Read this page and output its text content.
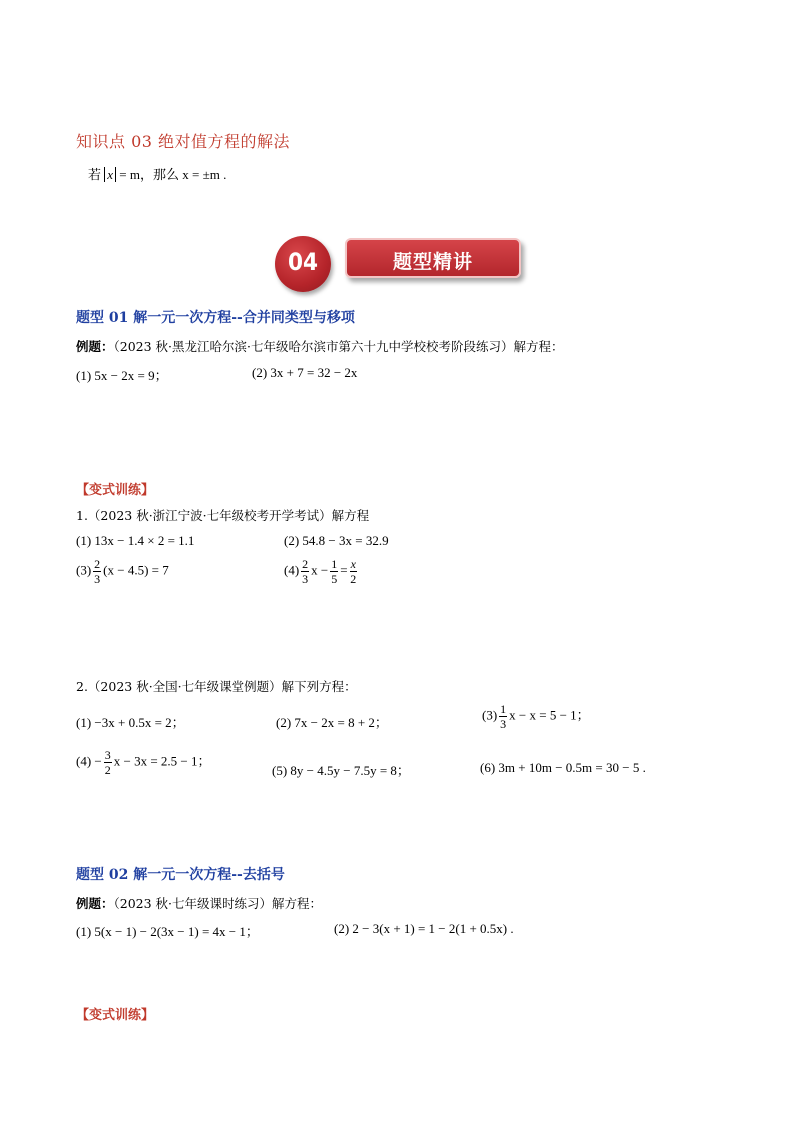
知识点 03 绝对值方程的解法
若 x = m，那么 x = ±m .
04	题型精讲
题型 01 解一元一次方程--合并同类型与移项
例题：（2023 秋·黑龙江哈尔滨·七年级哈尔滨市第六十九中学校校考阶段练习）解方程：
(1) 5x − 2x = 9；	(2) 3x + 7 = 32 − 2x
【变式训练】
1.（2023 秋·浙江宁波·七年级校考开学考试）解方程
(1) 13x − 1.4 × 2 = 1.1	(2) 54.8 − 3x = 32.9
$(3) \frac{2}{3} (x - 4.5) = 7$	$(4) \frac{2}{3}$ $x - \frac{1}{5} = \frac{x}{2}$
2.（2023 秋·全国·七年级课堂例题）解下列方程：
(1) −3x + 0.5x = 2；	(2) 7x − 2x = 8 + 2；
$(3) \frac{1}{3}$ x − x = 5 − 1；
$(4) - \frac{3}{2}$ x − 3x = 2.5 − 1；
(5) 8y − 4.5y − 7.5y = 8；	(6) 3m + 10m − 0.5m = 30 − 5 .
题型 02 解一元一次方程--去括号
例题：（2023 秋·七年级课时练习）解方程：
(1) 5(x − 1) − 2(3x − 1) = 4x − 1；	(2) 2 − 3(x + 1) = 1 − 2(1 + 0.5x) .
【变式训练】
